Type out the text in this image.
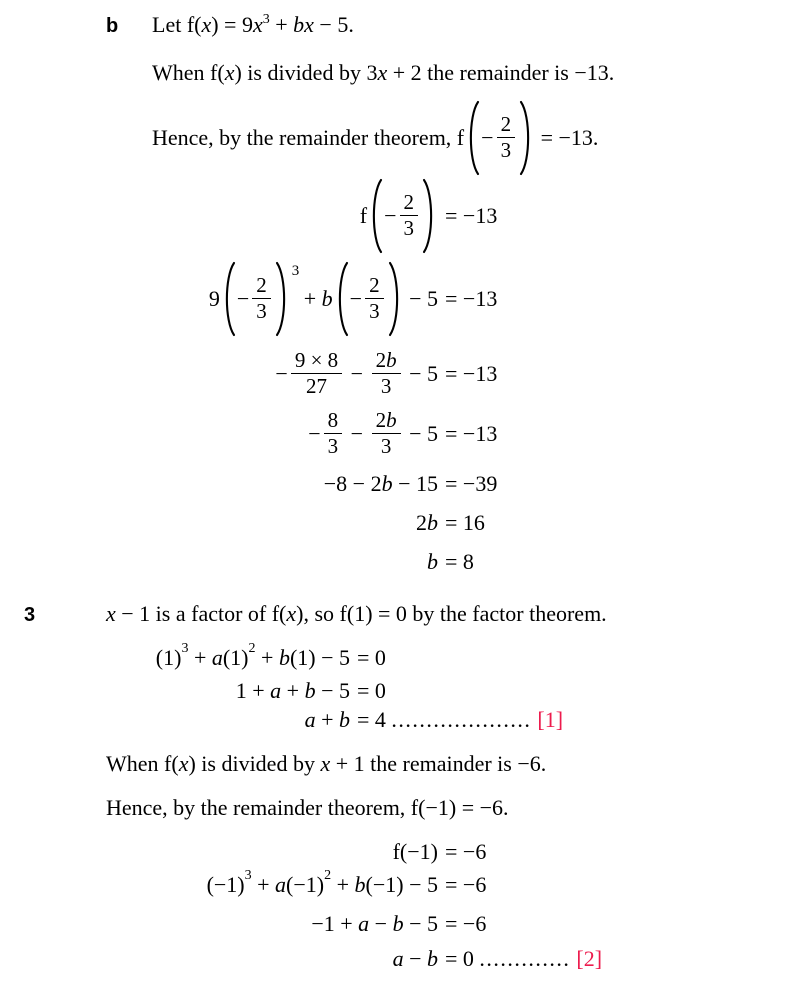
b Let $f(x) = 9x^3$ + bx − 5.
When f(x) is divided by 3x + 2 the remainder is −13.
Hence, by the remainder theorem, $f - \frac{2}{3} = -13$.
$f - \frac{2}{3} = -13$
$9 - \frac{2}{3}$
3
+ $b - \frac{2}{3} - 5 = -13$
− $\frac{9 \times 8}{27} - \frac{2b}{3} - 5 = -13$
− $\frac{8}{3} - \frac{2b}{3} - 5 = -13$
−8 − 2 b − 15 = −39
2 b = 16
b = 8
3	x − 1 is a factor of f(x), so f(1) = 0 by the factor theorem.
(1) 3 + a (1) 2 + b (1) − 5 = 0
1 + a + b − 5 = 0
a + b = 4 .................... [1]
When f(x) is divided by x + 1 the remainder is −6.
Hence, by the remainder theorem, f(−1) = −6.
f(−1) = −6
(−1) 3 + a (−1) 2 + b (−1) − 5 = −6
−1 + a − b − 5 = −6
a − b = 0 ............. [2]
